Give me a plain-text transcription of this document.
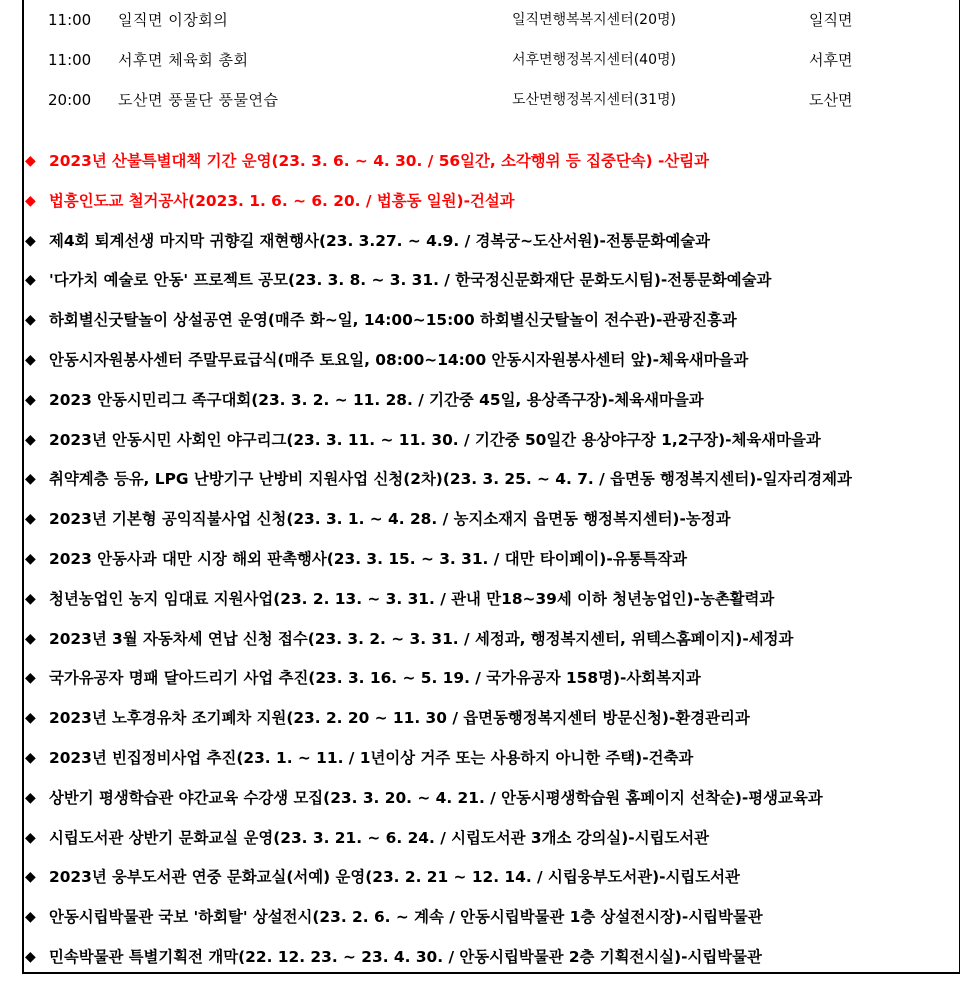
11:00 일직면 이장회의	일직면행복복지센터(20명)	일직면
11:00 서후면 체육회 총회	서후면행정복지센터(40명)	서후면
20:00 도산면 풍물단 풍물연습	도산면행정복지센터(31명)	도산면
◆ 2023년 산불특별대책 기간 운영(23. 3. 6. ~ 4. 30. / 56일간, 소각행위 등 집중단속) -산림과
◆ 법흥인도교 철거공사(2023. 1. 6. ~ 6. 20. / 법흥동 일원)-건설과
◆ 제4회 퇴계선생 마지막 귀향길 재현행사(23. 3.27. ~ 4.9. / 경복궁~도산서원)-전통문화예술과
◆ '다가치 예술로 안동' 프로젝트 공모(23. 3. 8. ~ 3. 31. / 한국정신문화재단 문화도시팀)-전통문화예술과
◆ 하회별신굿탈놀이 상설공연 운영(매주 화~일, 14:00~15:00 하회별신굿탈놀이 전수관)-관광진흥과
◆ 안동시자원봉사센터 주말무료급식(매주 토요일, 08:00~14:00 안동시자원봉사센터 앞)-체육새마을과
◆ 2023 안동시민리그 족구대회(23. 3. 2. ~ 11. 28. / 기간중 45일, 용상족구장)-체육새마을과
◆ 2023년 안동시민 사회인 야구리그(23. 3. 11. ~ 11. 30. / 기간중 50일간 용상야구장 1,2구장)-체육새마을과
◆ 취약계층 등유, LPG 난방기구 난방비 지원사업 신청(2차)(23. 3. 25. ~ 4. 7. / 읍면동 행정복지센터)-일자리경제과
◆ 2023년 기본형 공익직불사업 신청(23. 3. 1. ~ 4. 28. / 농지소재지 읍면동 행정복지센터)-농정과
◆ 2023 안동사과 대만 시장 해외 판촉행사(23. 3. 15. ~ 3. 31. / 대만 타이페이)-유통특작과
◆ 청년농업인 농지 임대료 지원사업(23. 2. 13. ~ 3. 31. / 관내 만18~39세 이하 청년농업인)-농촌활력과
◆ 2023년 3월 자동차세 연납 신청 접수(23. 3. 2. ~ 3. 31. / 세정과, 행정복지센터, 위텍스홈페이지)-세정과
◆ 국가유공자 명패 달아드리기 사업 추진(23. 3. 16. ~ 5. 19. / 국가유공자 158명)-사회복지과
◆ 2023년 노후경유차 조기폐차 지원(23. 2. 20 ~ 11. 30 / 읍면동행정복지센터 방문신청)-환경관리과
◆ 2023년 빈집정비사업 추진(23. 1. ~ 11. / 1년이상 거주 또는 사용하지 아니한 주택)-건축과
◆ 상반기 평생학습관 야간교육 수강생 모집(23. 3. 20. ~ 4. 21. / 안동시평생학습원 홈페이지 선착순)-평생교육과
◆ 시립도서관 상반기 문화교실 운영(23. 3. 21. ~ 6. 24. / 시립도서관 3개소 강의실)-시립도서관
◆ 2023년 웅부도서관 연중 문화교실(서예) 운영(23. 2. 21 ~ 12. 14. / 시립웅부도서관)-시립도서관
◆ 안동시립박물관 국보 '하회탈' 상설전시(23. 2. 6. ~ 계속 / 안동시립박물관 1층 상설전시장)-시립박물관
◆ 민속박물관 특별기획전 개막(22. 12. 23. ~ 23. 4. 30. / 안동시립박물관 2층 기획전시실)-시립박물관
